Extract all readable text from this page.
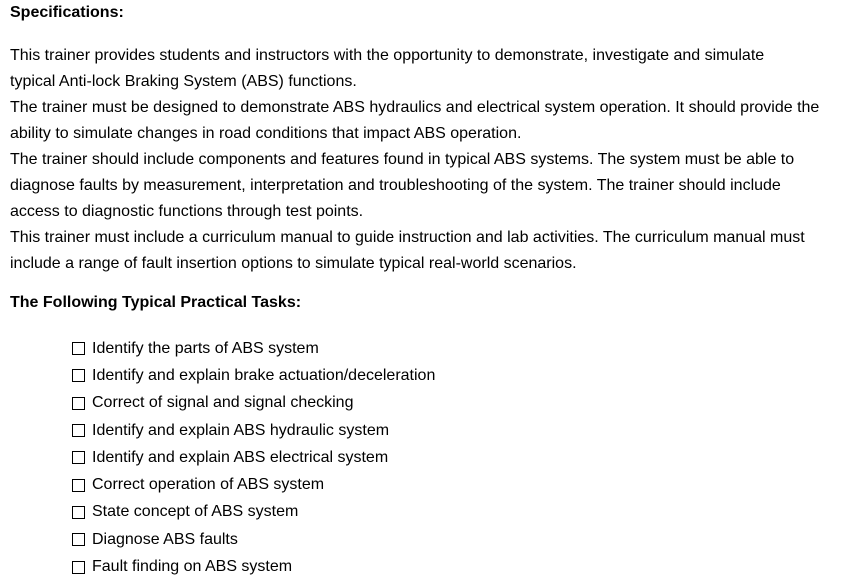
Specifications:

This trainer provides students and instructors with the opportunity to demonstrate, investigate and simulate

typical Anti-lock Braking System (ABS) functions.

The trainer must be designed to demonstrate ABS hydraulics and electrical system operation. It should provide the

ability to simulate changes in road conditions that impact ABS operation.

The trainer should include components and features found in typical ABS systems. The system must be able to

diagnose faults by measurement, interpretation and troubleshooting of the system. The trainer should include

access to diagnostic functions through test points.

This trainer must include a curriculum manual to guide instruction and lab activities. The curriculum manual must

include a range of fault insertion options to simulate typical real-world scenarios.

The Following Typical Practical Tasks:
Identify the parts of ABS system
Identify and explain brake actuation/deceleration
Correct of signal and signal checking
Identify and explain ABS hydraulic system
Identify and explain ABS electrical system
Correct operation of ABS system
State concept of ABS system
Diagnose ABS faults
Fault finding on ABS system
